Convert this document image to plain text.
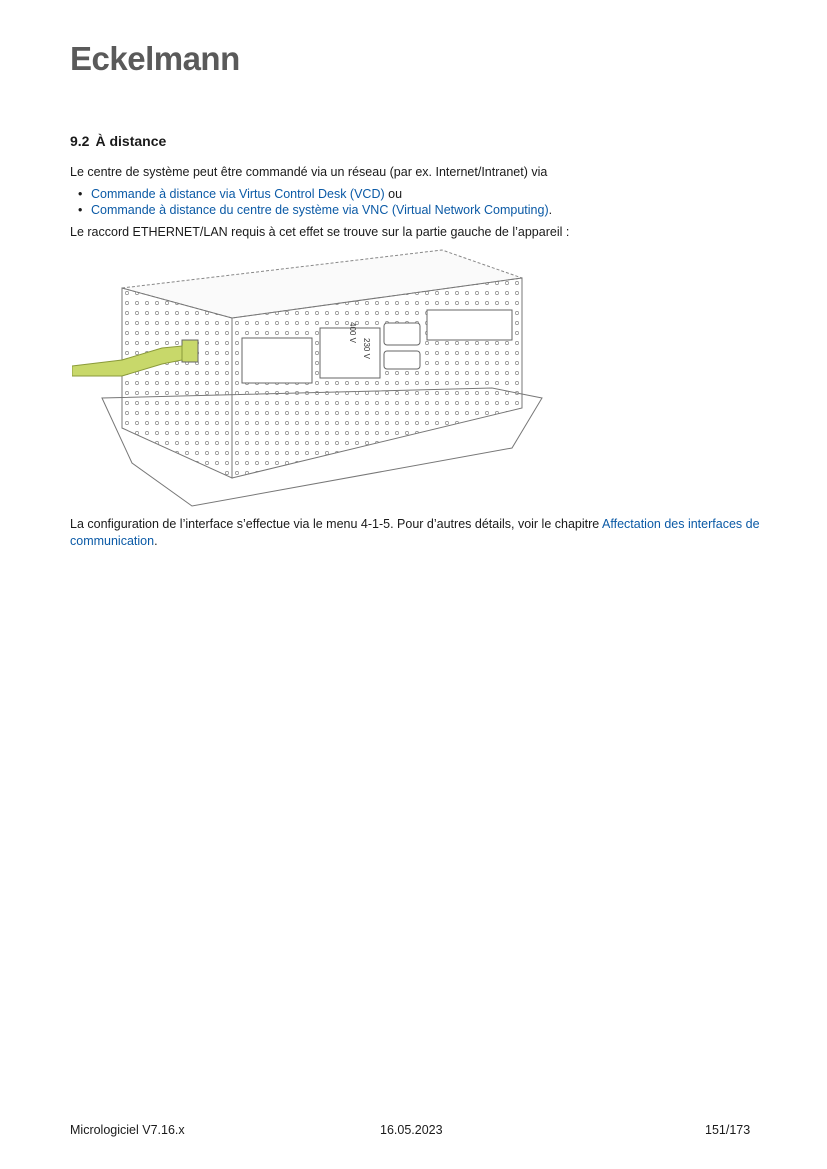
Eckelmann
9.2 À distance
Le centre de système peut être commandé via un réseau (par ex. Internet/Intranet) via
• Commande à distance via Virtus Control Desk (VCD) ou
• Commande à distance du centre de système via VNC (Virtual Network Computing).
Le raccord ETHERNET/LAN requis à cet effet se trouve sur la partie gauche de l’appareil :
400 V
230 V
La configuration de l’interface s’effectue via le menu 4-1-5. Pour d’autres détails, voir le chapitre Affectation des interfaces de communication.
Micrologiciel V7.16.x	16.05.2023	151/173
